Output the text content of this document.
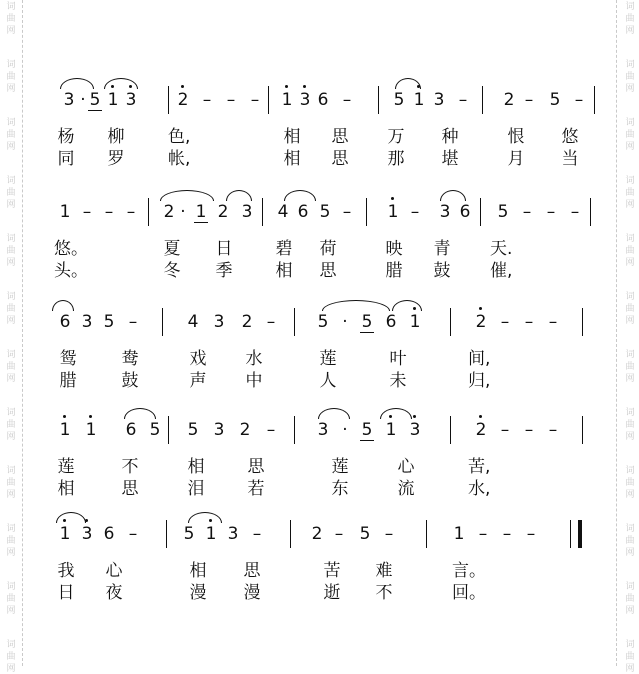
词
曲
网
词
曲
网
词
曲
网
词
曲
网
词
曲
网
词
曲
网
词
曲
网
词
曲
网
词
曲
网
词
曲
网
词
曲
网
词
曲
网
词
曲
网
词
曲
网
词
曲
网
词
曲
网
词
曲
网
词
曲
网
词
曲
网
词
曲
网
词
曲
网
词
曲
网
词
曲
网
词
曲
网
3 · 5 1 3 2 – – – 1 3 6 – 5 1 3 – 2 – 5 –
杨 柳	色,	相 思 万 种	恨 悠
同 罗	帐,	相 思 那 堪	月 当
1 – – – 2 · 1 2 3 4 6 5 – 1 – 3 6 5 – – –
悠。	夏 日	碧 荷	映 青 天.
头。	冬 季	相 思	腊 鼓 催,
6 3 5 –	4 3 2 – 5 · 5 6 1	2 – – –
鸳	鸯	戏 水	莲	叶	间,
腊	鼓	声 中	人	未	归,
1 1 6 5 5 3 2 – 3 · 5 1 3	2 – – –
莲	不	相	思	莲	心	苦,
相	思	泪	若	东	流	水,
1 3 6 –	5 1 3 –	2 – 5 –	1 – – –
我 心	相 思	苦 难	言。
日 夜	漫 漫	逝 不	回。
